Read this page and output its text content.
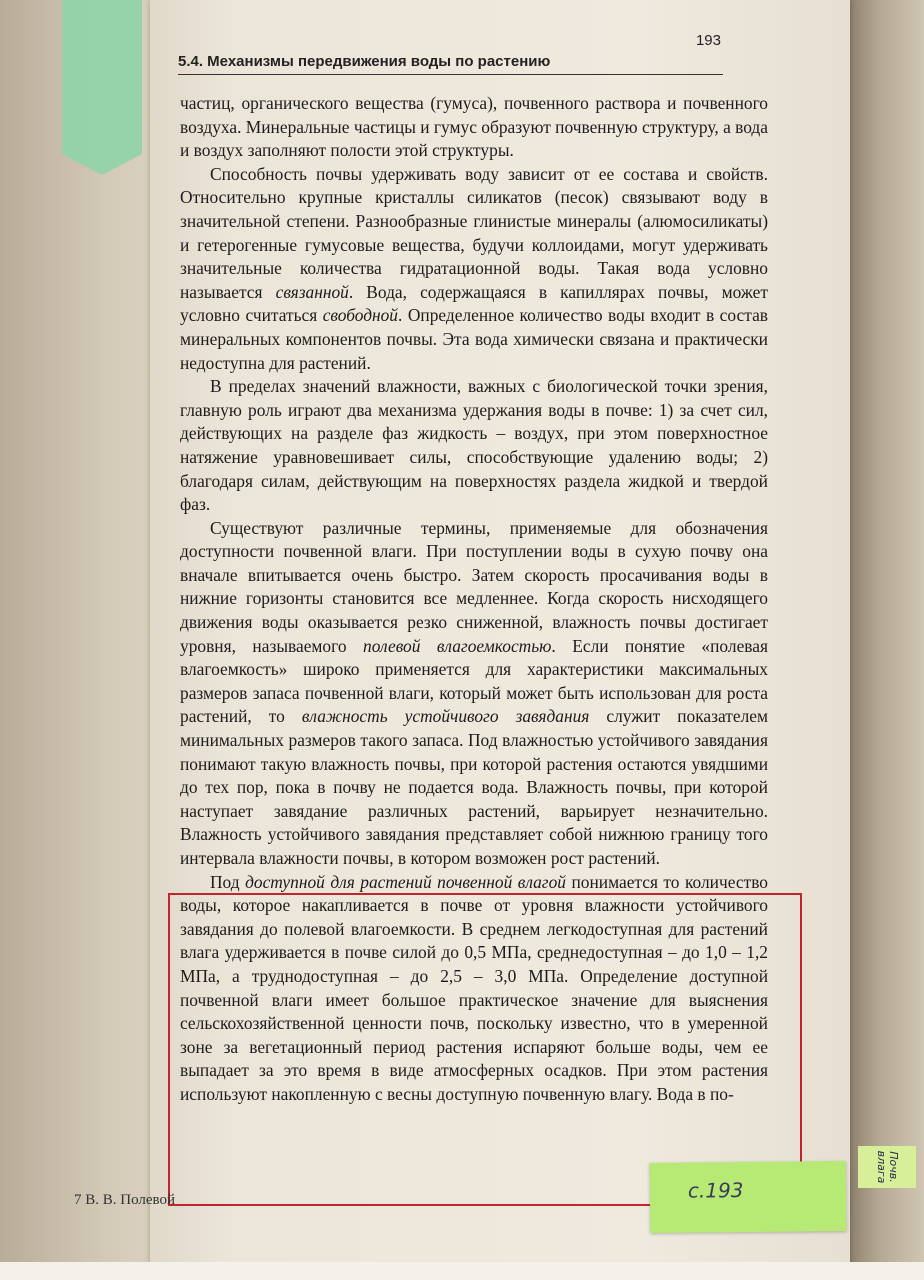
5.4. Механизмы передвижения воды по растению
193

частиц, органического вещества (гумуса), почвенного раствора и почвенного воздуха. Минеральные частицы и гумус образуют почвенную структуру, а вода и воздух заполняют полости этой структуры.

Способность почвы удерживать воду зависит от ее состава и свойств. Относительно крупные кристаллы силикатов (песок) связывают воду в значительной степени. Разнообразные глинистые минералы (алюмосиликаты) и гетерогенные гумусовые вещества, будучи коллоидами, могут удерживать значительные количества гидратационной воды. Такая вода условно называется связанной. Вода, содержащаяся в капиллярах почвы, может условно считаться свободной. Определенное количество воды входит в состав минеральных компонентов почвы. Эта вода химически связана и практически недоступна для растений.

В пределах значений влажности, важных с биологической точки зрения, главную роль играют два механизма удержания воды в почве: 1) за счет сил, действующих на разделе фаз жидкость – воздух, при этом поверхностное натяжение уравновешивает силы, способствующие удалению воды; 2) благодаря силам, действующим на поверхностях раздела жидкой и твердой фаз.

Существуют различные термины, применяемые для обозначения доступности почвенной влаги. При поступлении воды в сухую почву она вначале впитывается очень быстро. Затем скорость просачивания воды в нижние горизонты становится все медленнее. Когда скорость нисходящего движения воды оказывается резко сниженной, влажность почвы достигает уровня, называемого полевой влагоемкостью. Если понятие «полевая влагоемкость» широко применяется для характеристики максимальных размеров запаса почвенной влаги, который может быть использован для роста растений, то влажность устойчивого завядания служит показателем минимальных размеров такого запаса. Под влажностью устойчивого завядания понимают такую влажность почвы, при которой растения остаются увядшими до тех пор, пока в почву не подается вода. Влажность почвы, при которой наступает завядание различных растений, варьирует незначительно. Влажность устойчивого завядания представляет собой нижнюю границу того интервала влажности почвы, в котором возможен рост растений.

Под доступной для растений почвенной влагой понимается то количество воды, которое накапливается в почве от уровня влажности устойчивого завядания до полевой влагоемкости. В среднем легкодоступная для растений влага удерживается в почве силой до 0,5 МПа, среднедоступная – до 1,0 – 1,2 МПа, а труднодоступная – до 2,5 – 3,0 МПа. Определение доступной почвенной влаги имеет большое практическое значение для выяснения сельскохозяйственной ценности почв, поскольку известно, что в умеренной зоне за вегетационный период растения испаряют больше воды, чем ее выпадает за это время в виде атмосферных осадков. При этом растения используют накопленную с весны доступную почвенную влагу. Вода в по-

7 В. В. Полевой	с.193
Почв. влага
